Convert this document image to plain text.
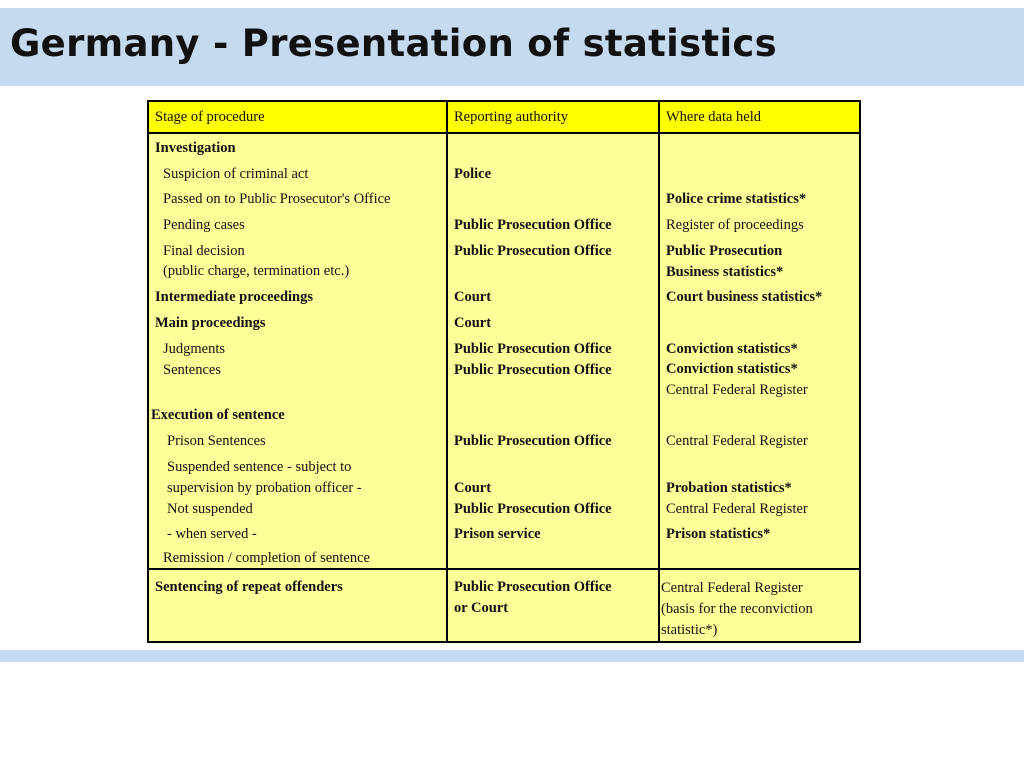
Germany - Presentation of statistics
Stage of procedure	Reporting authority	Where data held
Investigation
Suspicion of criminal act
Passed on to Public Prosecutor's Office
Pending cases
Final decision
(public charge, termination etc.)
Intermediate proceedings
Main proceedings
Judgments
Sentences
Execution of sentence
Prison Sentences
Suspended sentence - subject to
supervision by probation officer -
Not suspended
- when served -
Remission / completion of sentence
Sentencing of repeat offenders
Police
Public Prosecution Office
Public Prosecution Office
Court
Court
Public Prosecution Office
Public Prosecution Office
Public Prosecution Office
Court
Public Prosecution Office
Prison service
Public Prosecution Office
or Court
Police crime statistics*
Register of proceedings
Public Prosecution
Business statistics*
Court business statistics*
Conviction statistics*
Conviction statistics*
Central Federal Register
Central Federal Register
Probation statistics*
Central Federal Register
Prison statistics*
Central Federal Register
(basis for the reconviction
statistic*)
